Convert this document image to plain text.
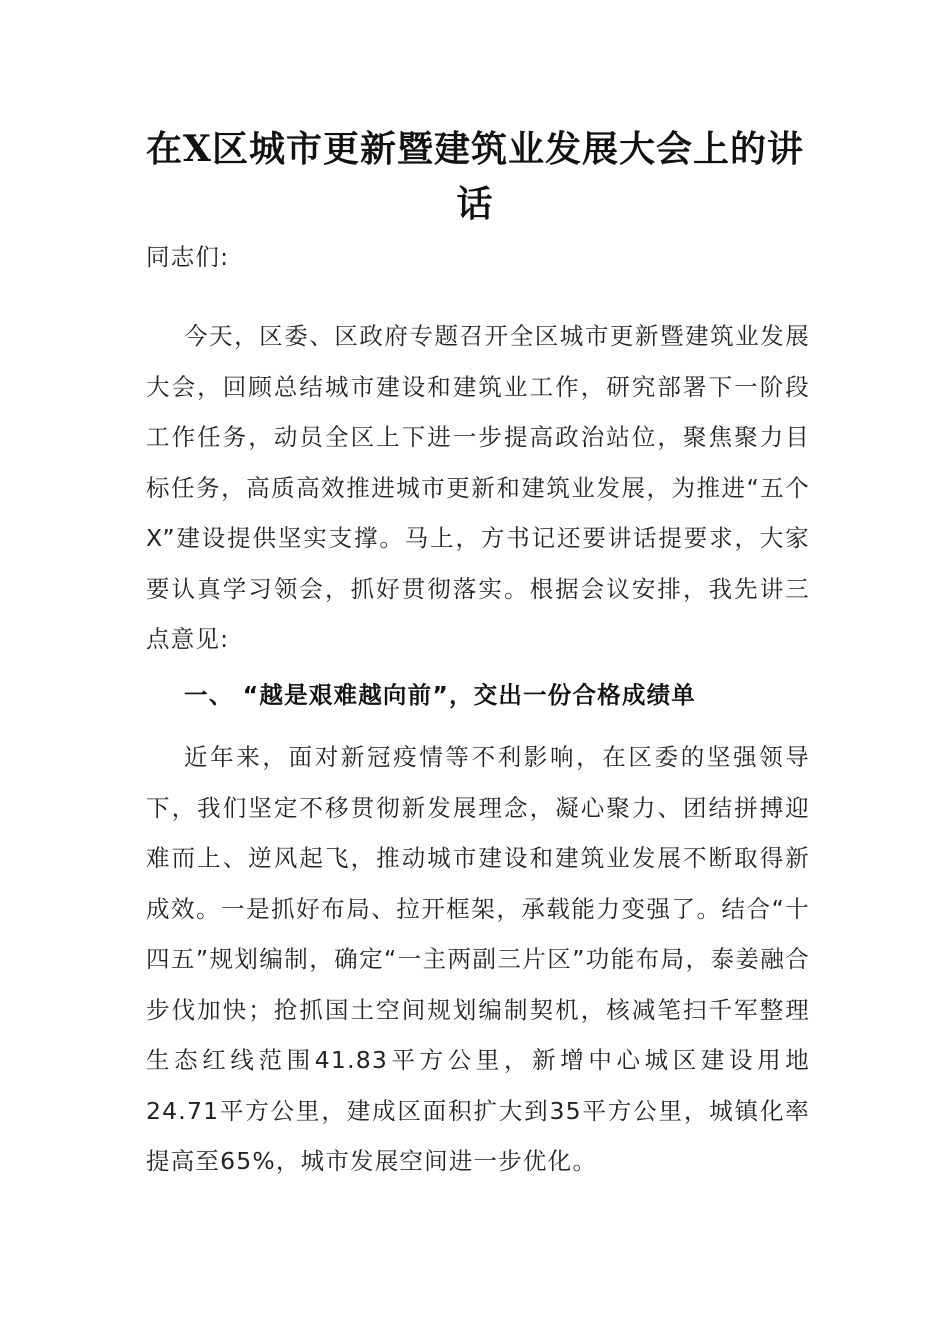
在X区城市更新暨建筑业发展大会上的讲话

同志们:

今天，区委、区政府专题召开全区城市更新暨建筑业发展大会，回顾总结城市建设和建筑业工作，研究部署下一阶段工作任务，动员全区上下进一步提高政治站位，聚焦聚力目标任务，高质高效推进城市更新和建筑业发展，为推进“五个X”建设提供坚实支撑。马上，方书记还要讲话提要求，大家要认真学习领会，抓好贯彻落实。根据会议安排，我先讲三点意见:

一、 “越是艰难越向前”，交出一份合格成绩单

近年来，面对新冠疫情等不利影响，在区委的坚强领导下，我们坚定不移贯彻新发展理念，凝心聚力、团结拼搏迎难而上、逆风起飞，推动城市建设和建筑业发展不断取得新成效。一是抓好布局、拉开框架，承载能力变强了。结合“十四五”规划编制，确定“一主两副三片区”功能布局，泰姜融合步伐加快；抢抓国土空间规划编制契机，核减笔扫千军整理生态红线范围41.83平方公里，新增中心城区建设用地24.71平方公里，建成区面积扩大到35平方公里，城镇化率提高至65%，城市发展空间进一步优化。
